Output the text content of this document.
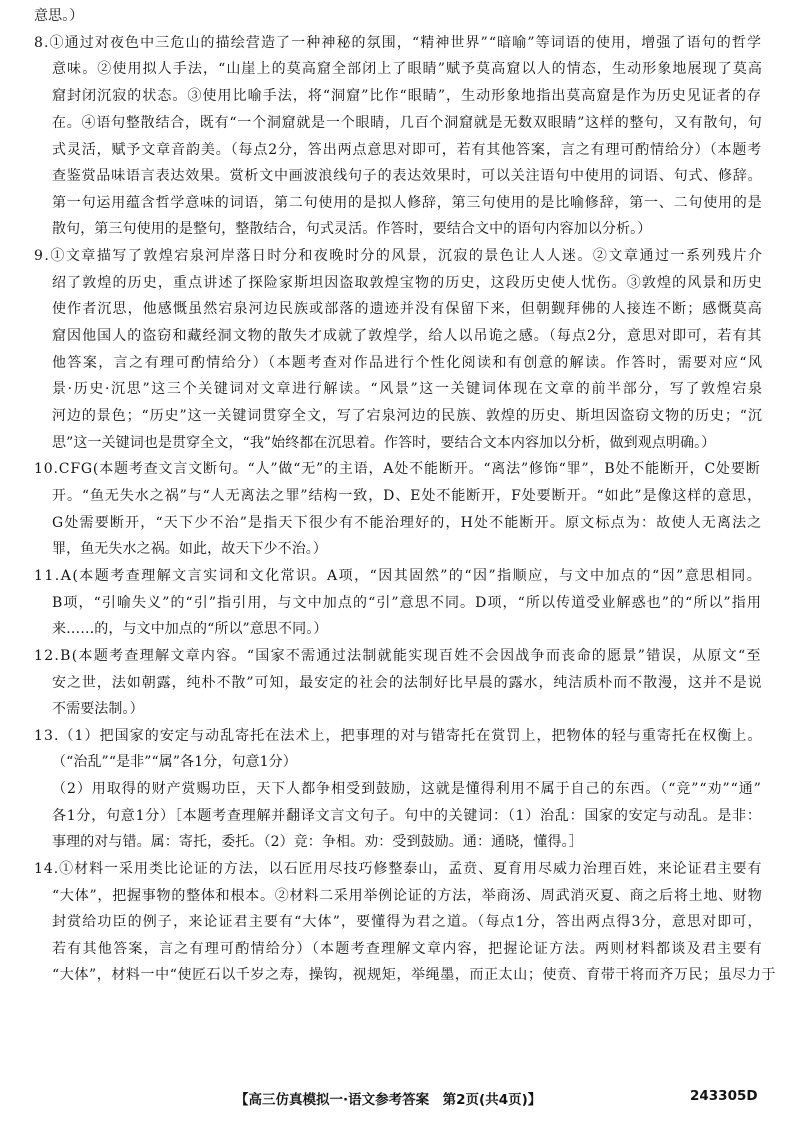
意思。）
8.①通过对夜色中三危山的描绘营造了一种神秘的氛围，“精神世界”“暗喻”等词语的使用，增强了语句的哲学
意味。②使用拟人手法，“山崖上的莫高窟全部闭上了眼睛”赋予莫高窟以人的情态，生动形象地展现了莫高
窟封闭沉寂的状态。③使用比喻手法，将“洞窟”比作“眼睛”，生动形象地指出莫高窟是作为历史见证者的存
在。④语句整散结合，既有“一个洞窟就是一个眼睛，几百个洞窟就是无数双眼睛”这样的整句，又有散句，句
式灵活，赋予文章音韵美。（每点2分，答出两点意思对即可，若有其他答案，言之有理可酌情给分）（本题考
查鉴赏品味语言表达效果。赏析文中画波浪线句子的表达效果时，可以关注语句中使用的词语、句式、修辞。
第一句运用蕴含哲学意味的词语，第二句使用的是拟人修辞，第三句使用的是比喻修辞，第一、二句使用的是
散句，第三句使用的是整句，整散结合，句式灵活。作答时，要结合文中的语句内容加以分析。）
9.①文章描写了敦煌宕泉河岸落日时分和夜晚时分的风景，沉寂的景色让人人迷。②文章通过一系列残片介
绍了敦煌的历史，重点讲述了探险家斯坦因盗取敦煌宝物的历史，这段历史使人忧伤。③敦煌的风景和历史
使作者沉思，他感慨虽然宕泉河边民族或部落的遗迹并没有保留下来，但朝觐拜佛的人接连不断；感慨莫高
窟因他国人的盗窃和藏经洞文物的散失才成就了敦煌学，给人以吊诡之感。（每点2分，意思对即可，若有其
他答案，言之有理可酌情给分）（本题考查对作品进行个性化阅读和有创意的解读。作答时，需要对应“风
景·历史·沉思”这三个关键词对文章进行解读。“风景”这一关键词体现在文章的前半部分，写了敦煌宕泉
河边的景色；“历史”这一关键词贯穿全文，写了宕泉河边的民族、敦煌的历史、斯坦因盗窃文物的历史；“沉
思”这一关键词也是贯穿全文，“我”始终都在沉思着。作答时，要结合文本内容加以分析，做到观点明确。）
10.CFG(本题考查文言文断句。“人”做“无”的主语，A处不能断开。“离法”修饰“罪”，B处不能断开，C处要断
开。“鱼无失水之祸”与“人无离法之罪”结构一致，D、E处不能断开，F处要断开。“如此”是像这样的意思，
G处需要断开，“天下少不治”是指天下很少有不能治理好的，H处不能断开。原文标点为：故使人无离法之
罪，鱼无失水之祸。如此，故天下少不治。）
11.A(本题考查理解文言实词和文化常识。A项，“因其固然”的“因”指顺应，与文中加点的“因”意思相同。
B项，“引喻失义”的“引”指引用，与文中加点的“引”意思不同。D项，“所以传道受业解惑也”的“所以”指用
来……的，与文中加点的“所以”意思不同。）
12.B(本题考查理解文章内容。“国家不需通过法制就能实现百姓不会因战争而丧命的愿景”错误，从原文“至
安之世，法如朝露，纯朴不散”可知，最安定的社会的法制好比早晨的露水，纯洁质朴而不散漫，这并不是说
不需要法制。）
13.（1）把国家的安定与动乱寄托在法术上，把事理的对与错寄托在赏罚上，把物体的轻与重寄托在权衡上。
（“治乱”“是非”“属”各1分，句意1分）
（2）用取得的财产赏赐功臣，天下人都争相受到鼓励，这就是懂得利用不属于自己的东西。（“竞”“劝”“通”
各1分，句意1分）［本题考查理解并翻译文言文句子。句中的关键词：（1）治乱：国家的安定与动乱。是非：
事理的对与错。属：寄托，委托。（2）竞：争相。劝：受到鼓励。通：通晓，懂得。］
14.①材料一采用类比论证的方法，以石匠用尽技巧修整泰山，孟贲、夏育用尽威力治理百姓，来论证君主要有
“大体”，把握事物的整体和根本。②材料二采用举例论证的方法，举商汤、周武消灭夏、商之后将土地、财物
封赏给功臣的例子，来论证君主要有“大体”，要懂得为君之道。（每点1分，答出两点得3分，意思对即可，
若有其他答案，言之有理可酌情给分）（本题考查理解文章内容，把握论证方法。两则材料都谈及君主要有
“大体”，材料一中“使匠石以千岁之寿，操钩，视规矩，举绳墨，而正太山；使贲、育带干将而齐万民；虽尽力于
【高三仿真模拟一·语文参考答案　第2页(共4页)】	243305D
